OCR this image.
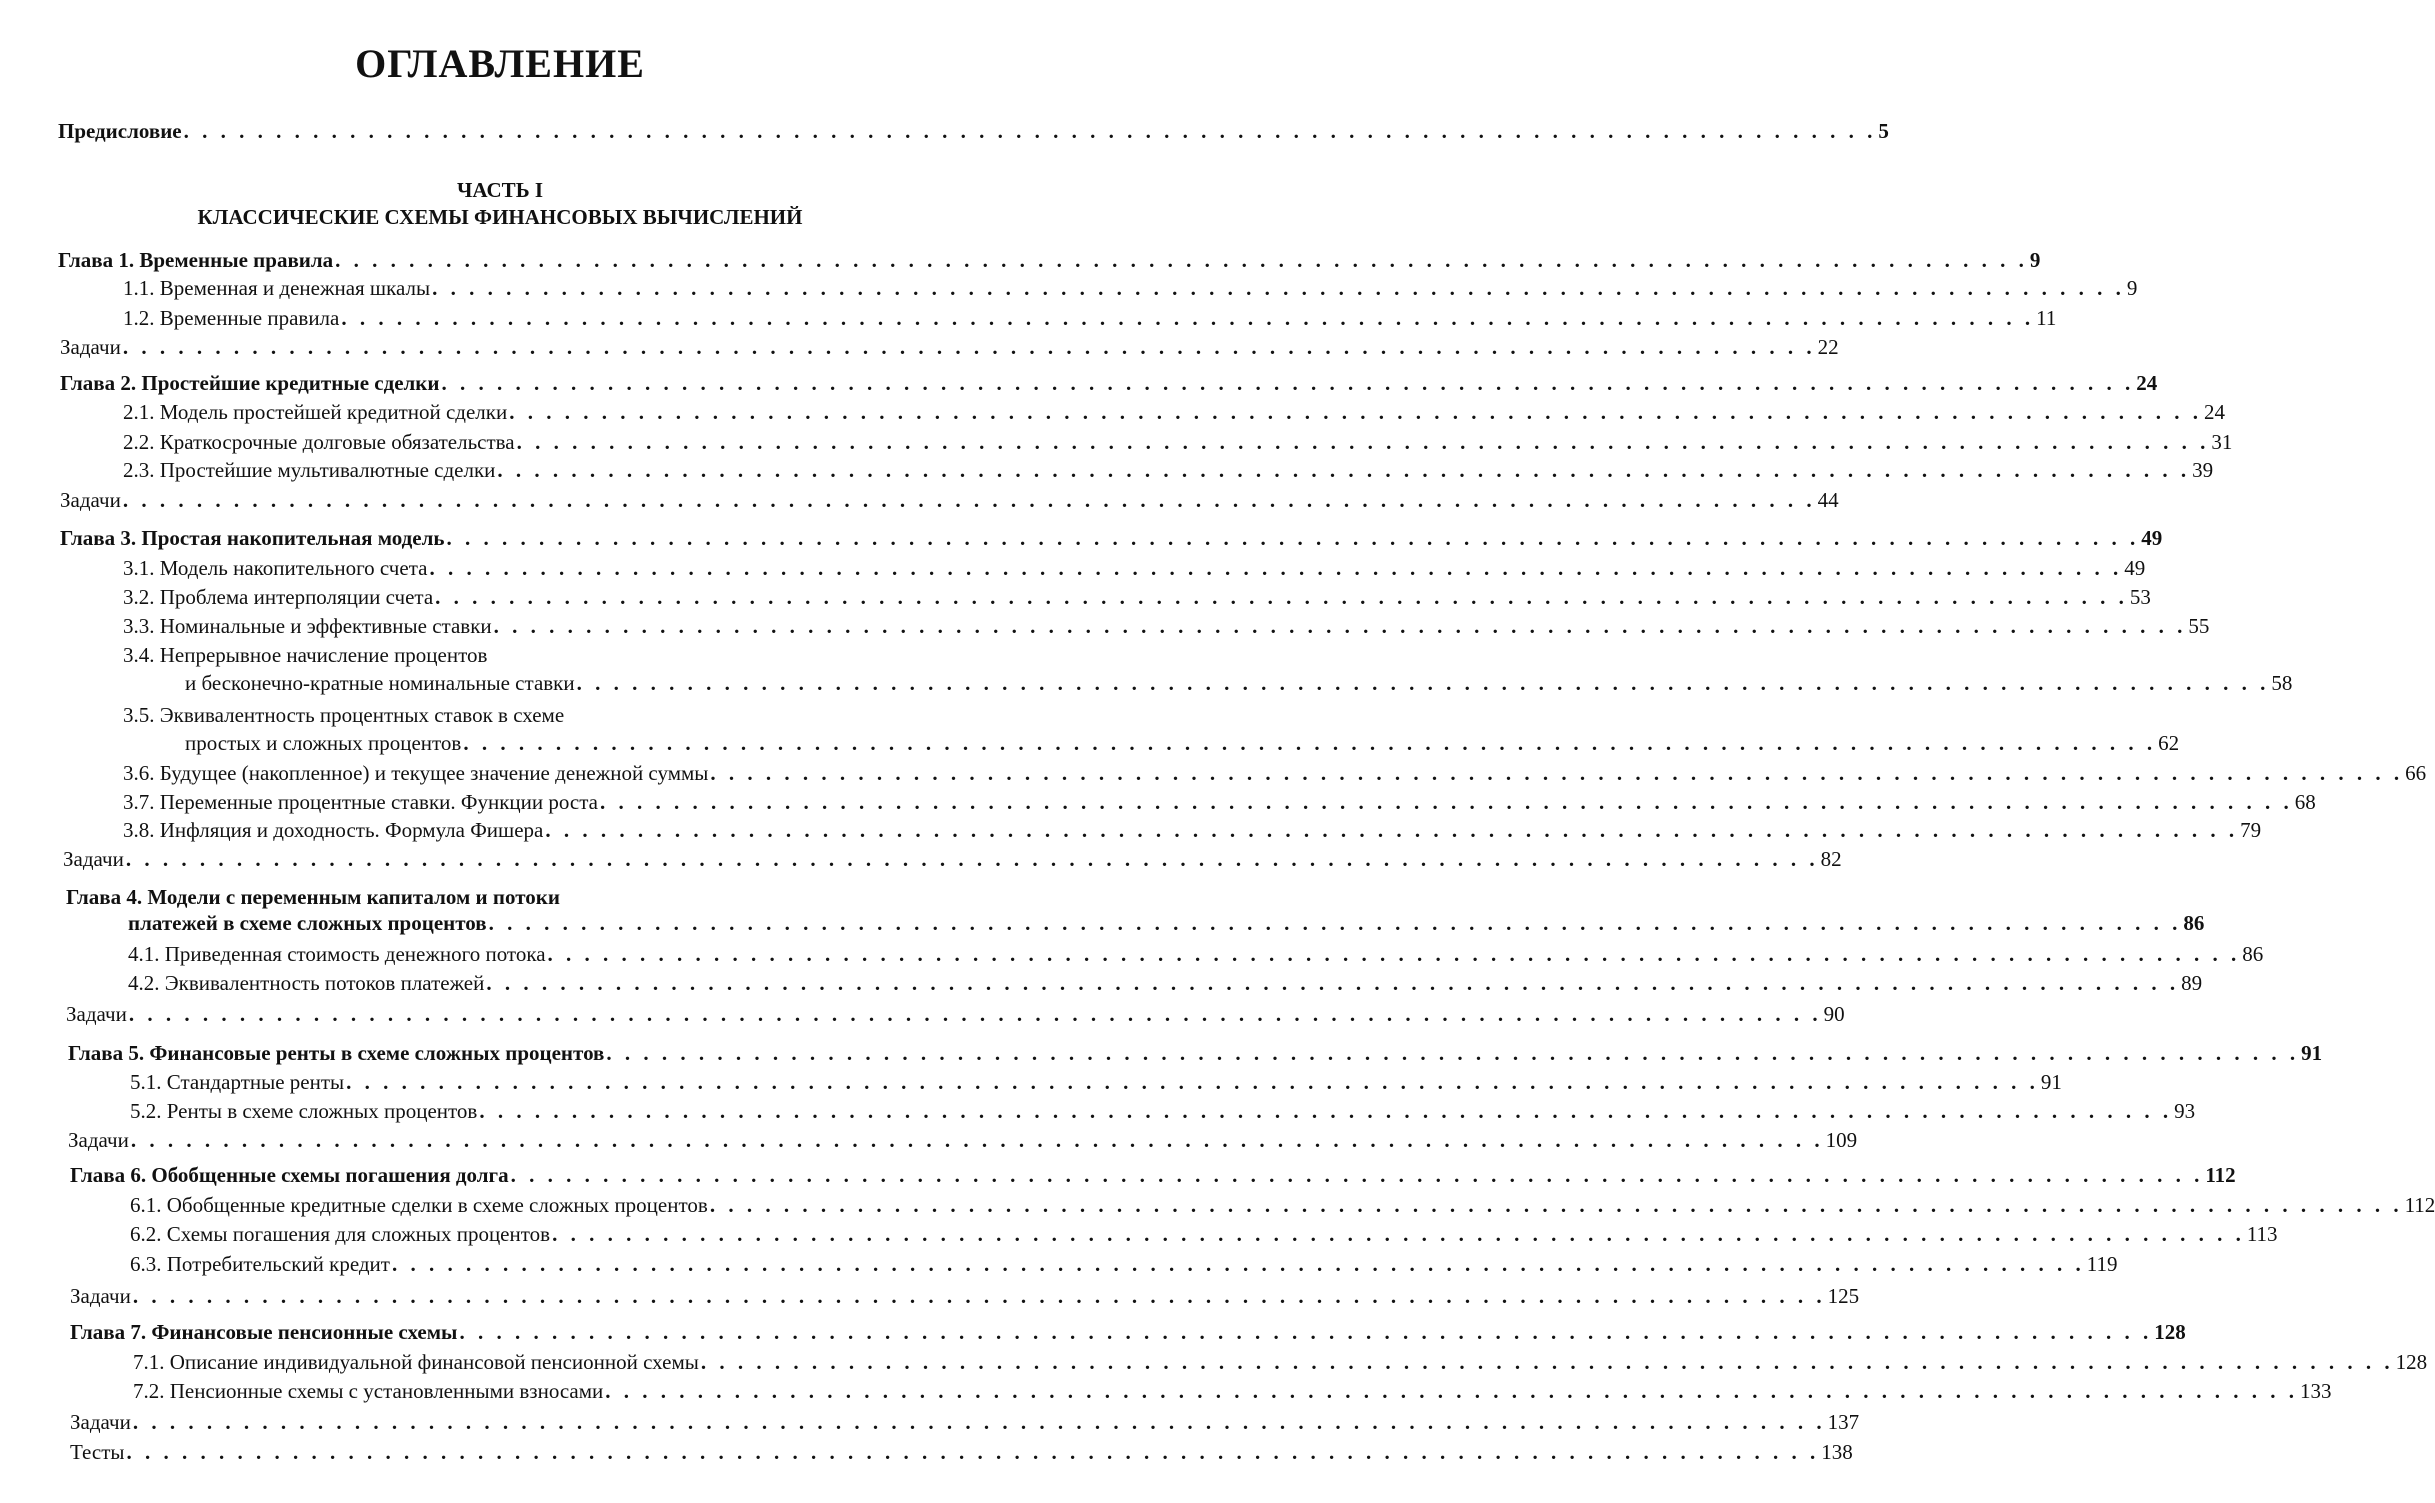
ОГЛАВЛЕНИЕ
Предисловие . . . . . . . . . . . . . . . . . . . . . . . . . . . . . . . . . . . . . . . . . . . . . . . . . . . . . . . . . . . . . . . . . . . . . . . . . . . . . . . . . . . . . . . . . . . . 5
ЧАСТЬ I
КЛАССИЧЕСКИЕ СХЕМЫ ФИНАНСОВЫХ ВЫЧИСЛЕНИЙ
Глава 1. Временные правила . . . . . . . . . . . . . . . . . . . . . . . . . . . . . . . . . . . . . . . . . . . . . . . . . . . . . . . . . . . . . . . . . . . . . . . . . . . . . . . . . . . . . . . . . . . . 9
1.1. Временная и денежная шкалы . . . . . . . . . . . . . . . . . . . . . . . . . . . . . . . . . . . . . . . . . . . . . . . . . . . . . . . . . . . . . . . . . . . . . . . . . . . . . . . . . . . . . . . . . . . . 9
1.2. Временные правила . . . . . . . . . . . . . . . . . . . . . . . . . . . . . . . . . . . . . . . . . . . . . . . . . . . . . . . . . . . . . . . . . . . . . . . . . . . . . . . . . . . . . . . . . . . . 11
Задачи . . . . . . . . . . . . . . . . . . . . . . . . . . . . . . . . . . . . . . . . . . . . . . . . . . . . . . . . . . . . . . . . . . . . . . . . . . . . . . . . . . . . . . . . . . . . 22
Глава 2. Простейшие кредитные сделки . . . . . . . . . . . . . . . . . . . . . . . . . . . . . . . . . . . . . . . . . . . . . . . . . . . . . . . . . . . . . . . . . . . . . . . . . . . . . . . . . . . . . . . . . . . . 24
2.1. Модель простейшей кредитной сделки . . . . . . . . . . . . . . . . . . . . . . . . . . . . . . . . . . . . . . . . . . . . . . . . . . . . . . . . . . . . . . . . . . . . . . . . . . . . . . . . . . . . . . . . . . . . 24
2.2. Краткосрочные долговые обязательства . . . . . . . . . . . . . . . . . . . . . . . . . . . . . . . . . . . . . . . . . . . . . . . . . . . . . . . . . . . . . . . . . . . . . . . . . . . . . . . . . . . . . . . . . . . . 31
2.3. Простейшие мультивалютные сделки . . . . . . . . . . . . . . . . . . . . . . . . . . . . . . . . . . . . . . . . . . . . . . . . . . . . . . . . . . . . . . . . . . . . . . . . . . . . . . . . . . . . . . . . . . . . 39
Задачи . . . . . . . . . . . . . . . . . . . . . . . . . . . . . . . . . . . . . . . . . . . . . . . . . . . . . . . . . . . . . . . . . . . . . . . . . . . . . . . . . . . . . . . . . . . . 44
Глава 3. Простая накопительная модель . . . . . . . . . . . . . . . . . . . . . . . . . . . . . . . . . . . . . . . . . . . . . . . . . . . . . . . . . . . . . . . . . . . . . . . . . . . . . . . . . . . . . . . . . . . . 49
3.1. Модель накопительного счета . . . . . . . . . . . . . . . . . . . . . . . . . . . . . . . . . . . . . . . . . . . . . . . . . . . . . . . . . . . . . . . . . . . . . . . . . . . . . . . . . . . . . . . . . . . . 49
3.2. Проблема интерполяции счета . . . . . . . . . . . . . . . . . . . . . . . . . . . . . . . . . . . . . . . . . . . . . . . . . . . . . . . . . . . . . . . . . . . . . . . . . . . . . . . . . . . . . . . . . . . . 53
3.3. Номинальные и эффективные ставки . . . . . . . . . . . . . . . . . . . . . . . . . . . . . . . . . . . . . . . . . . . . . . . . . . . . . . . . . . . . . . . . . . . . . . . . . . . . . . . . . . . . . . . . . . . . 55
3.4. Непрерывное начисление процентов
и бесконечно-кратные номинальные ставки . . . . . . . . . . . . . . . . . . . . . . . . . . . . . . . . . . . . . . . . . . . . . . . . . . . . . . . . . . . . . . . . . . . . . . . . . . . . . . . . . . . . . . . . . . . . 58
3.5. Эквивалентность процентных ставок в схеме
простых и сложных процентов . . . . . . . . . . . . . . . . . . . . . . . . . . . . . . . . . . . . . . . . . . . . . . . . . . . . . . . . . . . . . . . . . . . . . . . . . . . . . . . . . . . . . . . . . . . . 62
3.6. Будущее (накопленное) и текущее значение денежной суммы . . . . . . . . . . . . . . . . . . . . . . . . . . . . . . . . . . . . . . . . . . . . . . . . . . . . . . . . . . . . . . . . . . . . . . . . . . . . . . . . . . . . . . . . . . . . 66
3.7. Переменные процентные ставки. Функции роста . . . . . . . . . . . . . . . . . . . . . . . . . . . . . . . . . . . . . . . . . . . . . . . . . . . . . . . . . . . . . . . . . . . . . . . . . . . . . . . . . . . . . . . . . . . . 68
3.8. Инфляция и доходность. Формула Фишера . . . . . . . . . . . . . . . . . . . . . . . . . . . . . . . . . . . . . . . . . . . . . . . . . . . . . . . . . . . . . . . . . . . . . . . . . . . . . . . . . . . . . . . . . . . . 79
Задачи . . . . . . . . . . . . . . . . . . . . . . . . . . . . . . . . . . . . . . . . . . . . . . . . . . . . . . . . . . . . . . . . . . . . . . . . . . . . . . . . . . . . . . . . . . . . 82
Глава 4. Модели с переменным капиталом и потоки
платежей в схеме сложных процентов . . . . . . . . . . . . . . . . . . . . . . . . . . . . . . . . . . . . . . . . . . . . . . . . . . . . . . . . . . . . . . . . . . . . . . . . . . . . . . . . . . . . . . . . . . . . 86
4.1. Приведенная стоимость денежного потока . . . . . . . . . . . . . . . . . . . . . . . . . . . . . . . . . . . . . . . . . . . . . . . . . . . . . . . . . . . . . . . . . . . . . . . . . . . . . . . . . . . . . . . . . . . . 86
4.2. Эквивалентность потоков платежей . . . . . . . . . . . . . . . . . . . . . . . . . . . . . . . . . . . . . . . . . . . . . . . . . . . . . . . . . . . . . . . . . . . . . . . . . . . . . . . . . . . . . . . . . . . . 89
Задачи . . . . . . . . . . . . . . . . . . . . . . . . . . . . . . . . . . . . . . . . . . . . . . . . . . . . . . . . . . . . . . . . . . . . . . . . . . . . . . . . . . . . . . . . . . . . 90
Глава 5. Финансовые ренты в схеме сложных процентов . . . . . . . . . . . . . . . . . . . . . . . . . . . . . . . . . . . . . . . . . . . . . . . . . . . . . . . . . . . . . . . . . . . . . . . . . . . . . . . . . . . . . . . . . . . . 91
5.1. Стандартные ренты . . . . . . . . . . . . . . . . . . . . . . . . . . . . . . . . . . . . . . . . . . . . . . . . . . . . . . . . . . . . . . . . . . . . . . . . . . . . . . . . . . . . . . . . . . . . 91
5.2. Ренты в схеме сложных процентов . . . . . . . . . . . . . . . . . . . . . . . . . . . . . . . . . . . . . . . . . . . . . . . . . . . . . . . . . . . . . . . . . . . . . . . . . . . . . . . . . . . . . . . . . . . . 93
Задачи . . . . . . . . . . . . . . . . . . . . . . . . . . . . . . . . . . . . . . . . . . . . . . . . . . . . . . . . . . . . . . . . . . . . . . . . . . . . . . . . . . . . . . . . . . . . 109
Глава 6. Обобщенные схемы погашения долга . . . . . . . . . . . . . . . . . . . . . . . . . . . . . . . . . . . . . . . . . . . . . . . . . . . . . . . . . . . . . . . . . . . . . . . . . . . . . . . . . . . . . . . . . . . . 112
6.1. Обобщенные кредитные сделки в схеме сложных процентов . . . . . . . . . . . . . . . . . . . . . . . . . . . . . . . . . . . . . . . . . . . . . . . . . . . . . . . . . . . . . . . . . . . . . . . . . . . . . . . . . . . . . . . . . . . . 112
6.2. Схемы погашения для сложных процентов . . . . . . . . . . . . . . . . . . . . . . . . . . . . . . . . . . . . . . . . . . . . . . . . . . . . . . . . . . . . . . . . . . . . . . . . . . . . . . . . . . . . . . . . . . . . 113
6.3. Потребительский кредит . . . . . . . . . . . . . . . . . . . . . . . . . . . . . . . . . . . . . . . . . . . . . . . . . . . . . . . . . . . . . . . . . . . . . . . . . . . . . . . . . . . . . . . . . . . . 119
Задачи . . . . . . . . . . . . . . . . . . . . . . . . . . . . . . . . . . . . . . . . . . . . . . . . . . . . . . . . . . . . . . . . . . . . . . . . . . . . . . . . . . . . . . . . . . . . 125
Глава 7. Финансовые пенсионные схемы . . . . . . . . . . . . . . . . . . . . . . . . . . . . . . . . . . . . . . . . . . . . . . . . . . . . . . . . . . . . . . . . . . . . . . . . . . . . . . . . . . . . . . . . . . . . 128
7.1. Описание индивидуальной финансовой пенсионной схемы . . . . . . . . . . . . . . . . . . . . . . . . . . . . . . . . . . . . . . . . . . . . . . . . . . . . . . . . . . . . . . . . . . . . . . . . . . . . . . . . . . . . . . . . . . . . 128
7.2. Пенсионные схемы с установленными взносами . . . . . . . . . . . . . . . . . . . . . . . . . . . . . . . . . . . . . . . . . . . . . . . . . . . . . . . . . . . . . . . . . . . . . . . . . . . . . . . . . . . . . . . . . . . . 133
Задачи . . . . . . . . . . . . . . . . . . . . . . . . . . . . . . . . . . . . . . . . . . . . . . . . . . . . . . . . . . . . . . . . . . . . . . . . . . . . . . . . . . . . . . . . . . . . 137
Тесты . . . . . . . . . . . . . . . . . . . . . . . . . . . . . . . . . . . . . . . . . . . . . . . . . . . . . . . . . . . . . . . . . . . . . . . . . . . . . . . . . . . . . . . . . . . . 138
